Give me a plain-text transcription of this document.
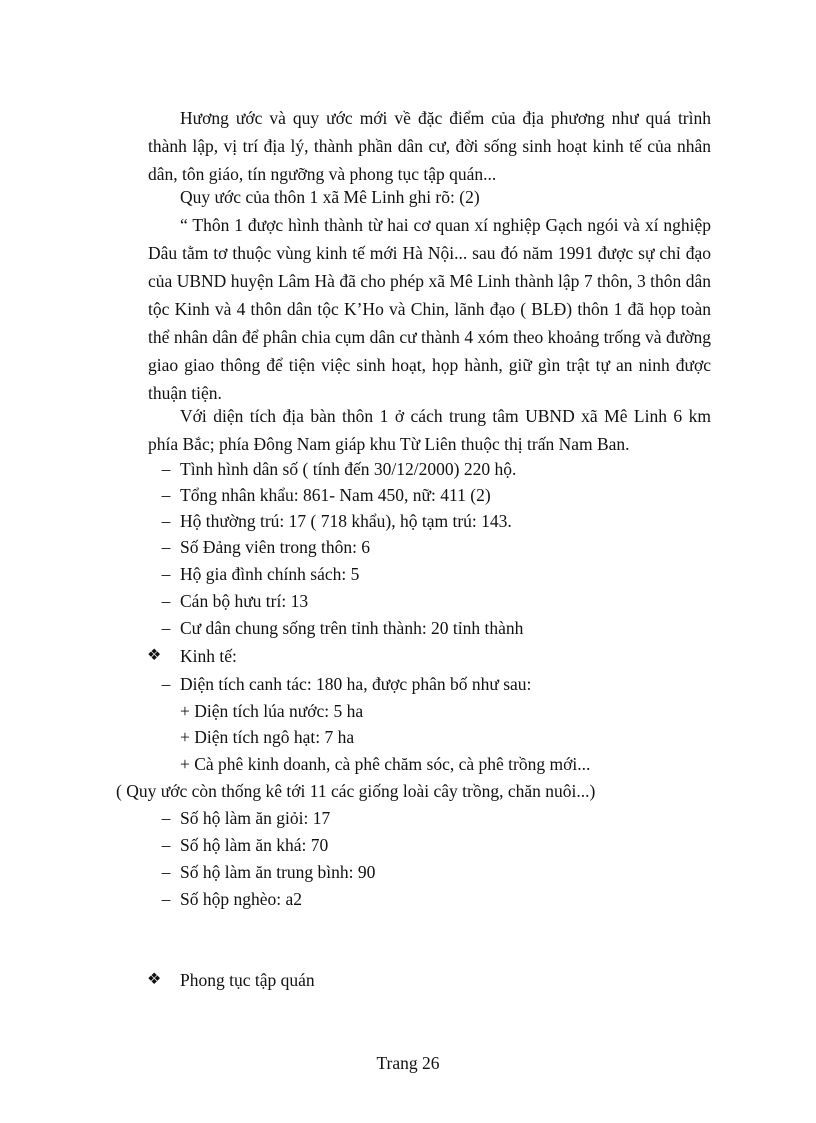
Hương ước và quy ước mới về đặc điểm của địa phương như quá trình thành lập, vị trí địa lý, thành phần dân cư, đời sống sinh hoạt kinh tế của nhân dân, tôn giáo, tín ngưỡng và phong tục tập quán...

Quy ước của thôn 1 xã Mê Linh ghi rõ: (2)

“ Thôn 1 được hình thành từ hai cơ quan xí nghiệp Gạch ngói và xí nghiệp Dâu tằm tơ thuộc vùng kinh tế mới Hà Nội... sau đó năm 1991 được sự chỉ đạo của UBND huyện Lâm Hà đã cho phép xã Mê Linh thành lập 7 thôn, 3 thôn dân tộc Kinh và 4 thôn dân tộc K’Ho và Chin, lãnh đạo ( BLĐ) thôn 1 đã họp toàn thể nhân dân để phân chia cụm dân cư thành 4 xóm theo khoảng trống và đường giao giao thông để tiện việc sinh hoạt, họp hành, giữ gìn trật tự an ninh được thuận tiện.

Với diện tích địa bàn thôn 1 ở cách trung tâm UBND xã Mê Linh 6 km phía Bắc; phía Đông Nam giáp khu Từ Liên thuộc thị trấn Nam Ban.

– Tình hình dân số ( tính đến 30/12/2000) 220 hộ.
– Tổng nhân khẩu: 861- Nam 450, nữ: 411 (2)
– Hộ thường trú: 17 ( 718 khẩu), hộ tạm trú: 143.
– Số Đảng viên trong thôn: 6
– Hộ gia đình chính sách: 5
– Cán bộ hưu trí: 13
– Cư dân chung sống trên tỉnh thành: 20 tỉnh thành
❖ Kinh tế:
– Diện tích canh tác: 180 ha, được phân bố như sau:
+ Diện tích lúa nước: 5 ha
+ Diện tích ngô hạt: 7 ha
+ Cà phê kinh doanh, cà phê chăm sóc, cà phê trồng mới...
( Quy ước còn thống kê tới 11 các giống loài cây trồng, chăn nuôi...)
– Số hộ làm ăn giỏi: 17
– Số hộ làm ăn khá: 70
– Số hộ làm ăn trung bình: 90
– Số hộp nghèo: a2
❖ Phong tục tập quán
Trang 26
